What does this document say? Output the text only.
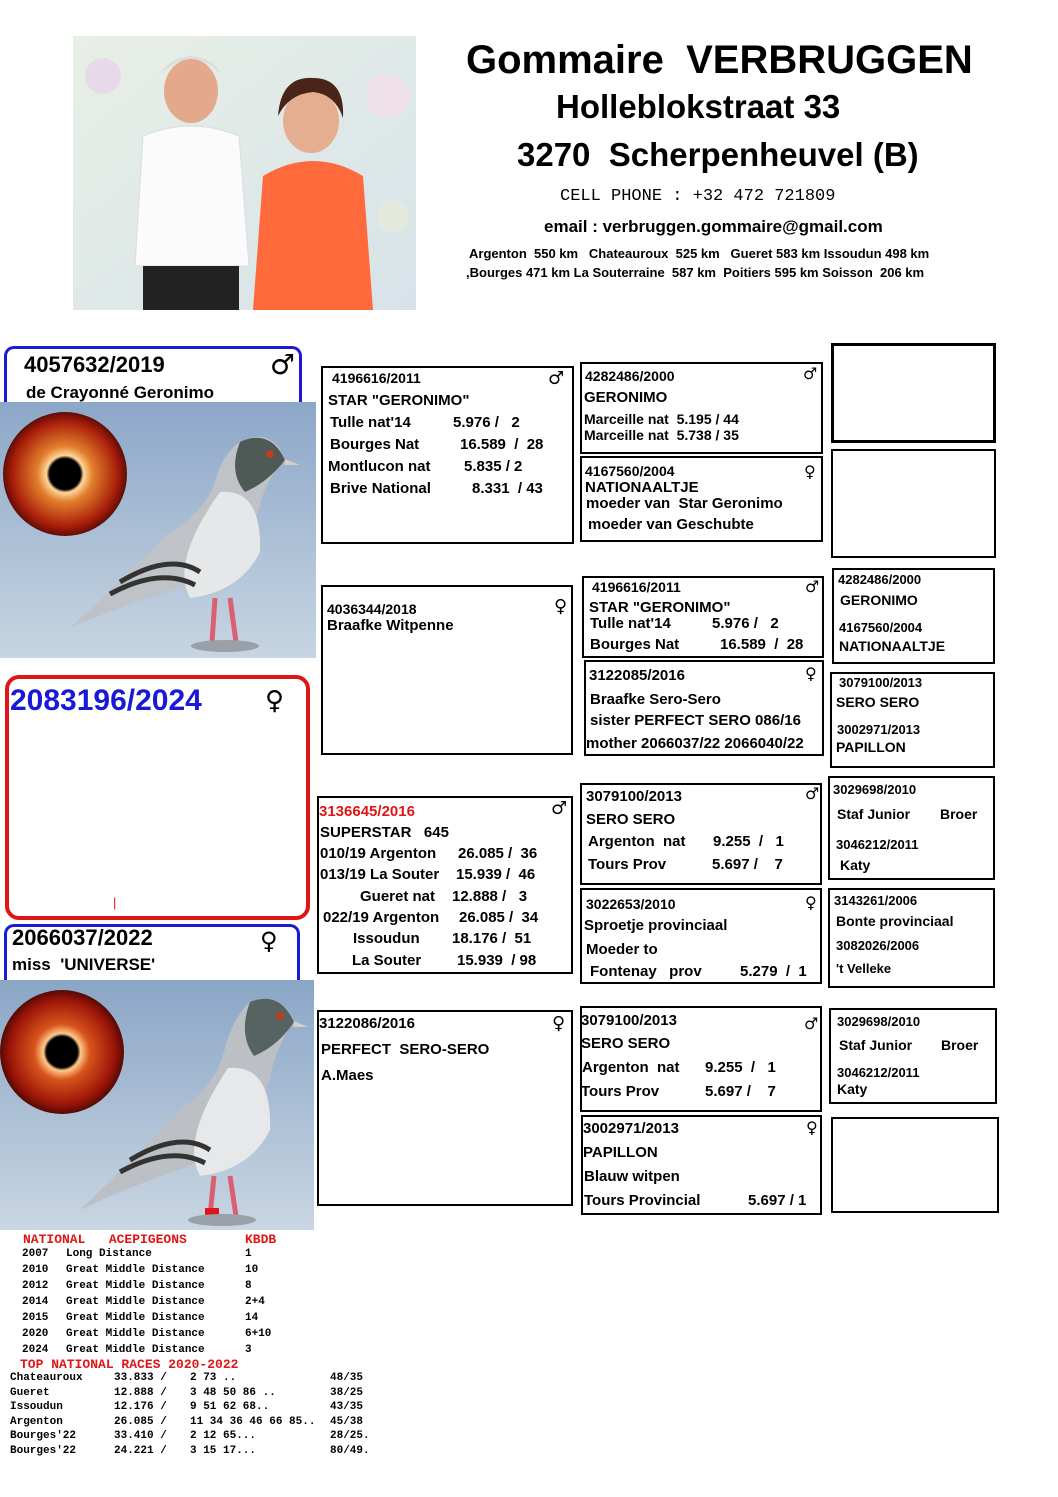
Gommaire  VERBRUGGEN
Holleblokstraat 33
3270  Scherpenheuvel (B)
CELL PHONE : +32 472 721809
email : verbruggen.gommaire@gmail.com
Argenton  550 km   Chateauroux  525 km   Gueret 583 km Issoudun 498 km
,Bourges 471 km La Souterraine  587 km  Poitiers 595 km Soisson  206 km
4057632/2019	♂
de Crayonné Geronimo
2083196/2024 ♀
|
2066037/2022	♀
miss  'UNIVERSE'
4196616/2011	♂
STAR "GERONIMO"
Tulle nat'14	5.976 /   2
Bourges Nat	16.589  /  28
Montlucon nat 5.835 / 2
Brive National	8.331  / 43
4036344/2018	♀
Braafke Witpenne
3136645/2016	♂
SUPERSTAR   645
010/19 Argenton 26.085 /  36
013/19 La Souter 15.939 /  46
Gueret nat 12.888 /   3
022/19 Argenton 26.085 /  34
Issoudun 18.176 /  51
La Souter 15.939  / 98
3122086/2016	♀
PERFECT  SERO-SERO
A.Maes
4282486/2000	♂
GERONIMO
Marceille nat  5.195 / 44
Marceille nat  5.738 / 35
4167560/2004	♀
NATIONAALTJE
moeder van  Star Geronimo
moeder van Geschubte
4196616/2011	♂
STAR "GERONIMO"
Tulle nat'14	5.976 /   2
Bourges Nat	16.589  /  28
3122085/2016	♀
Braafke Sero-Sero
sister PERFECT SERO 086/16
mother 2066037/22 2066040/22
3079100/2013	♂
SERO SERO
Argenton  nat 9.255  /   1
Tours Prov	5.697 /    7
3022653/2010	♀
Sproetje provinciaal
Moeder to
Fontenay   prov	5.279  /  1
3079100/2013	♂
SERO SERO
Argenton  nat 9.255  /   1
Tours Prov	5.697 /    7
3002971/2013	♀
PAPILLON
Blauw witpen
Tours Provincial	5.697 / 1
4282486/2000
GERONIMO
4167560/2004
NATIONAALTJE
3079100/2013
SERO SERO
3002971/2013
PAPILLON
3029698/2010
Staf Junior Broer
3046212/2011
Katy
3143261/2006
Bonte provinciaal
3082026/2006
't Velleke
3029698/2010
Staf Junior Broer
3046212/2011
Katy
NATIONAL   ACEPIGEONS	KBDB
2007 Long Distance	1
2010 Great Middle Distance	10
2012 Great Middle Distance	8
2014 Great Middle Distance	2+4
2015 Great Middle Distance	14
2020 Great Middle Distance	6+10
2024 Great Middle Distance	3
TOP NATIONAL RACES 2020-2022
Chateauroux	33.833 / 2 73 ..	48/35
Gueret	12.888 / 3 48 50 86 ..	38/25
Issoudun	12.176 / 9 51 62 68..	43/35
Argenton	26.085 / 11 34 36 46 66 85.. 45/38
Bourges'22	33.410 / 2 12 65...	28/25.
Bourges'22	24.221 / 3 15 17...	80/49.
